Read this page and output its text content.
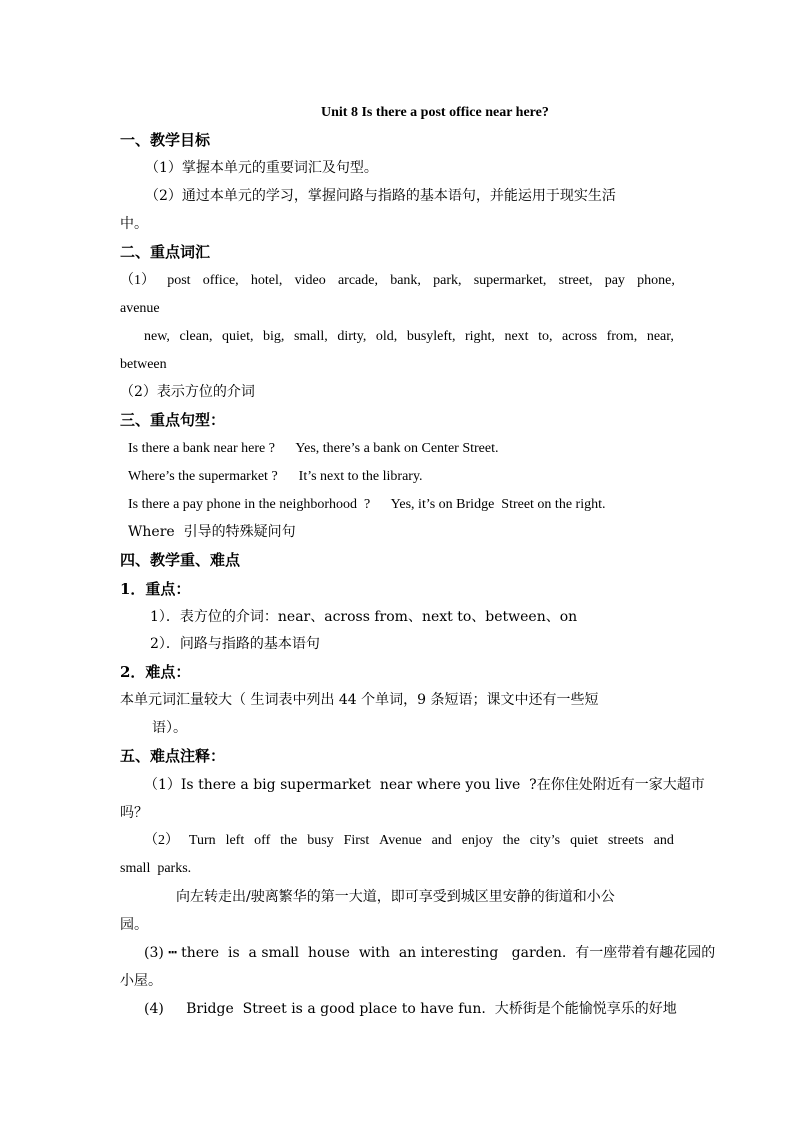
Unit 8 Is there a post office near here?
一、教学目标
（1）掌握本单元的重要词汇及句型。
（2）通过本单元的学习，掌握问路与指路的基本语句，并能运用于现实生活
中。
二、重点词汇
（1） post office, hotel, video arcade, bank, park, supermarket, street, pay phone,
avenue
new, clean, quiet, big, small, dirty, old, busyleft, right, next to, across from, near,
between
（2）表示方位的介词
三、重点句型：
Is there a bank near here ?      Yes, there’s a bank on Center Street.
Where’s the supermarket ?      It’s next to the library.
Is there a pay phone in the neighborhood  ?      Yes, it’s on Bridge  Street on the right.
Where  引导的特殊疑问句
四、教学重、难点
1．重点：
1）．表方位的介词：near、across from、next to、between、on
2）．问路与指路的基本语句
2．难点：
本单元词汇量较大（ 生词表中列出 44 个单词，9 条短语；课文中还有一些短
语）。
五、难点注释：
（1）Is there a big supermarket  near where you live  ?在你住处附近有一家大超市
吗？
（2） Turn left off the busy First Avenue and enjoy the city’s quiet streets and
small  parks.
向左转走出/驶离繁华的第一大道，即可享受到城区里安静的街道和小公
园。
(3) ┅ there  is  a small  house  with  an interesting   garden.  有一座带着有趣花园的
小屋。
(4)     Bridge  Street is a good place to have fun.  大桥街是个能愉悦享乐的好地
